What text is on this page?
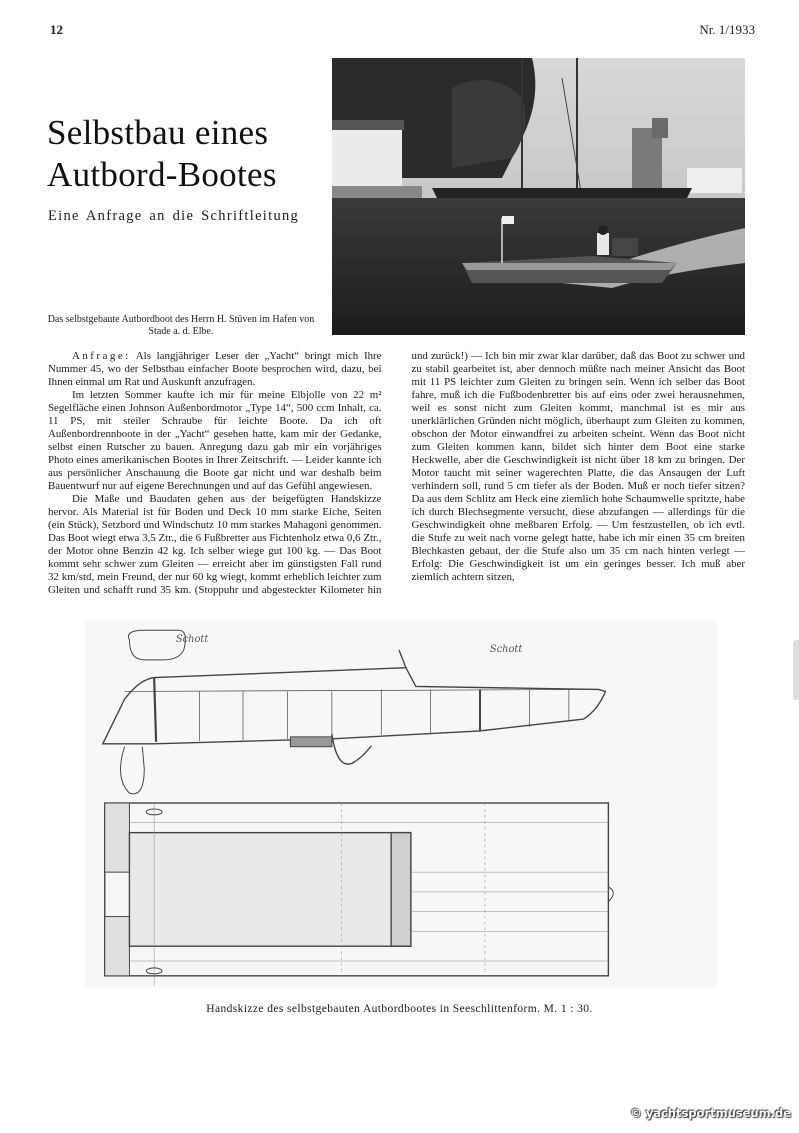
12	Nr. 1/1933
Selbstbau eines
Autbord-Bootes
Eine Anfrage an die Schriftleitung
Das selbstgebaute Autbordboot des Herrn H. Stüven im Hafen von Stade a. d. Elbe.

Anfrage: Als langjähriger Leser der „Yacht“ bringt mich Ihre Nummer 45, wo der Selbstbau einfacher Boote besprochen wird, dazu, bei Ihnen einmal um Rat und Auskunft anzufragen.

Im letzten Sommer kaufte ich mir für meine Elbjolle von 22 m² Segelfläche einen Johnson Außenbordmotor „Type 14“, 500 ccm Inhalt, ca. 11 PS, mit steiler Schraube für leichte Boote. Da ich oft Außenbordrennboote in der „Yacht“ gesehen hatte, kam mir der Gedanke, selbst einen Rutscher zu bauen. Anregung dazu gab mir ein vorjähriges Photo eines amerikanischen Bootes in Ihrer Zeitschrift. — Leider kannte ich aus persönlicher Anschauung die Boote gar nicht und war deshalb beim Bauentwurf nur auf eigene Berechnungen und auf das Gefühl angewiesen.

Die Maße und Baudaten gehen aus der beigefügten Handskizze hervor. Als Material ist für Boden und Deck 10 mm starke Eiche, Seiten (ein Stück), Setzbord und Windschutz 10 mm starkes Mahagoni genommen. Das Boot wiegt etwa 3,5 Ztr., die 6 Fußbretter aus Fichtenholz etwa 0,6 Ztr., der Motor ohne Benzin 42 kg. Ich selber wiege gut 100 kg. — Das Boot kommt sehr schwer zum Gleiten — erreicht aber im günstigsten Fall rund 32 km/std, mein Freund, der nur 60 kg wiegt, kommt erheblich leichter zum Gleiten und schafft rund 35 km. (Stoppuhr und abgesteckter Kilometer hin und zurück!) — Ich bin mir zwar klar darüber, daß das Boot zu schwer und zu stabil gearbeitet ist, aber dennoch müßte nach meiner Ansicht das Boot mit 11 PS leichter zum Gleiten zu bringen sein. Wenn ich selber das Boot fahre, muß ich die Fußbodenbretter bis auf eins oder zwei herausnehmen, weil es sonst nicht zum Gleiten kommt, manchmal ist es mir aus unerklärlichen Gründen nicht möglich, überhaupt zum Gleiten zu kommen, obschon der Motor einwandfrei zu arbeiten scheint. Wenn das Boot nicht zum Gleiten kommen kann, bildet sich hinter dem Boot eine starke Heckwelle, aber die Geschwindigkeit ist nicht über 18 km zu bringen. Der Motor taucht mit seiner wagerechten Platte, die das Ansaugen der Luft verhindern soll, rund 5 cm tiefer als der Boden. Muß er noch tiefer sitzen? Da aus dem Schlitz am Heck eine ziemlich hohe Schaumwelle spritzte, habe ich durch Blechsegmente versucht, diese abzufangen — allerdings für die Geschwindigkeit ohne meßbaren Erfolg. — Um festzustellen, ob ich evtl. die Stufe zu weit nach vorne gelegt hatte, habe ich mir einen 35 cm breiten Blechkasten gebaut, der die Stufe also um 35 cm nach hinten verlegt — Erfolg: Die Geschwindigkeit ist um ein geringes besser. Ich muß aber ziemlich achtern sitzen,

Schott
Schott
Handskizze des selbstgebauten Autbordbootes in Seeschlittenform. M. 1 : 30.
© yachtsportmuseum.de
